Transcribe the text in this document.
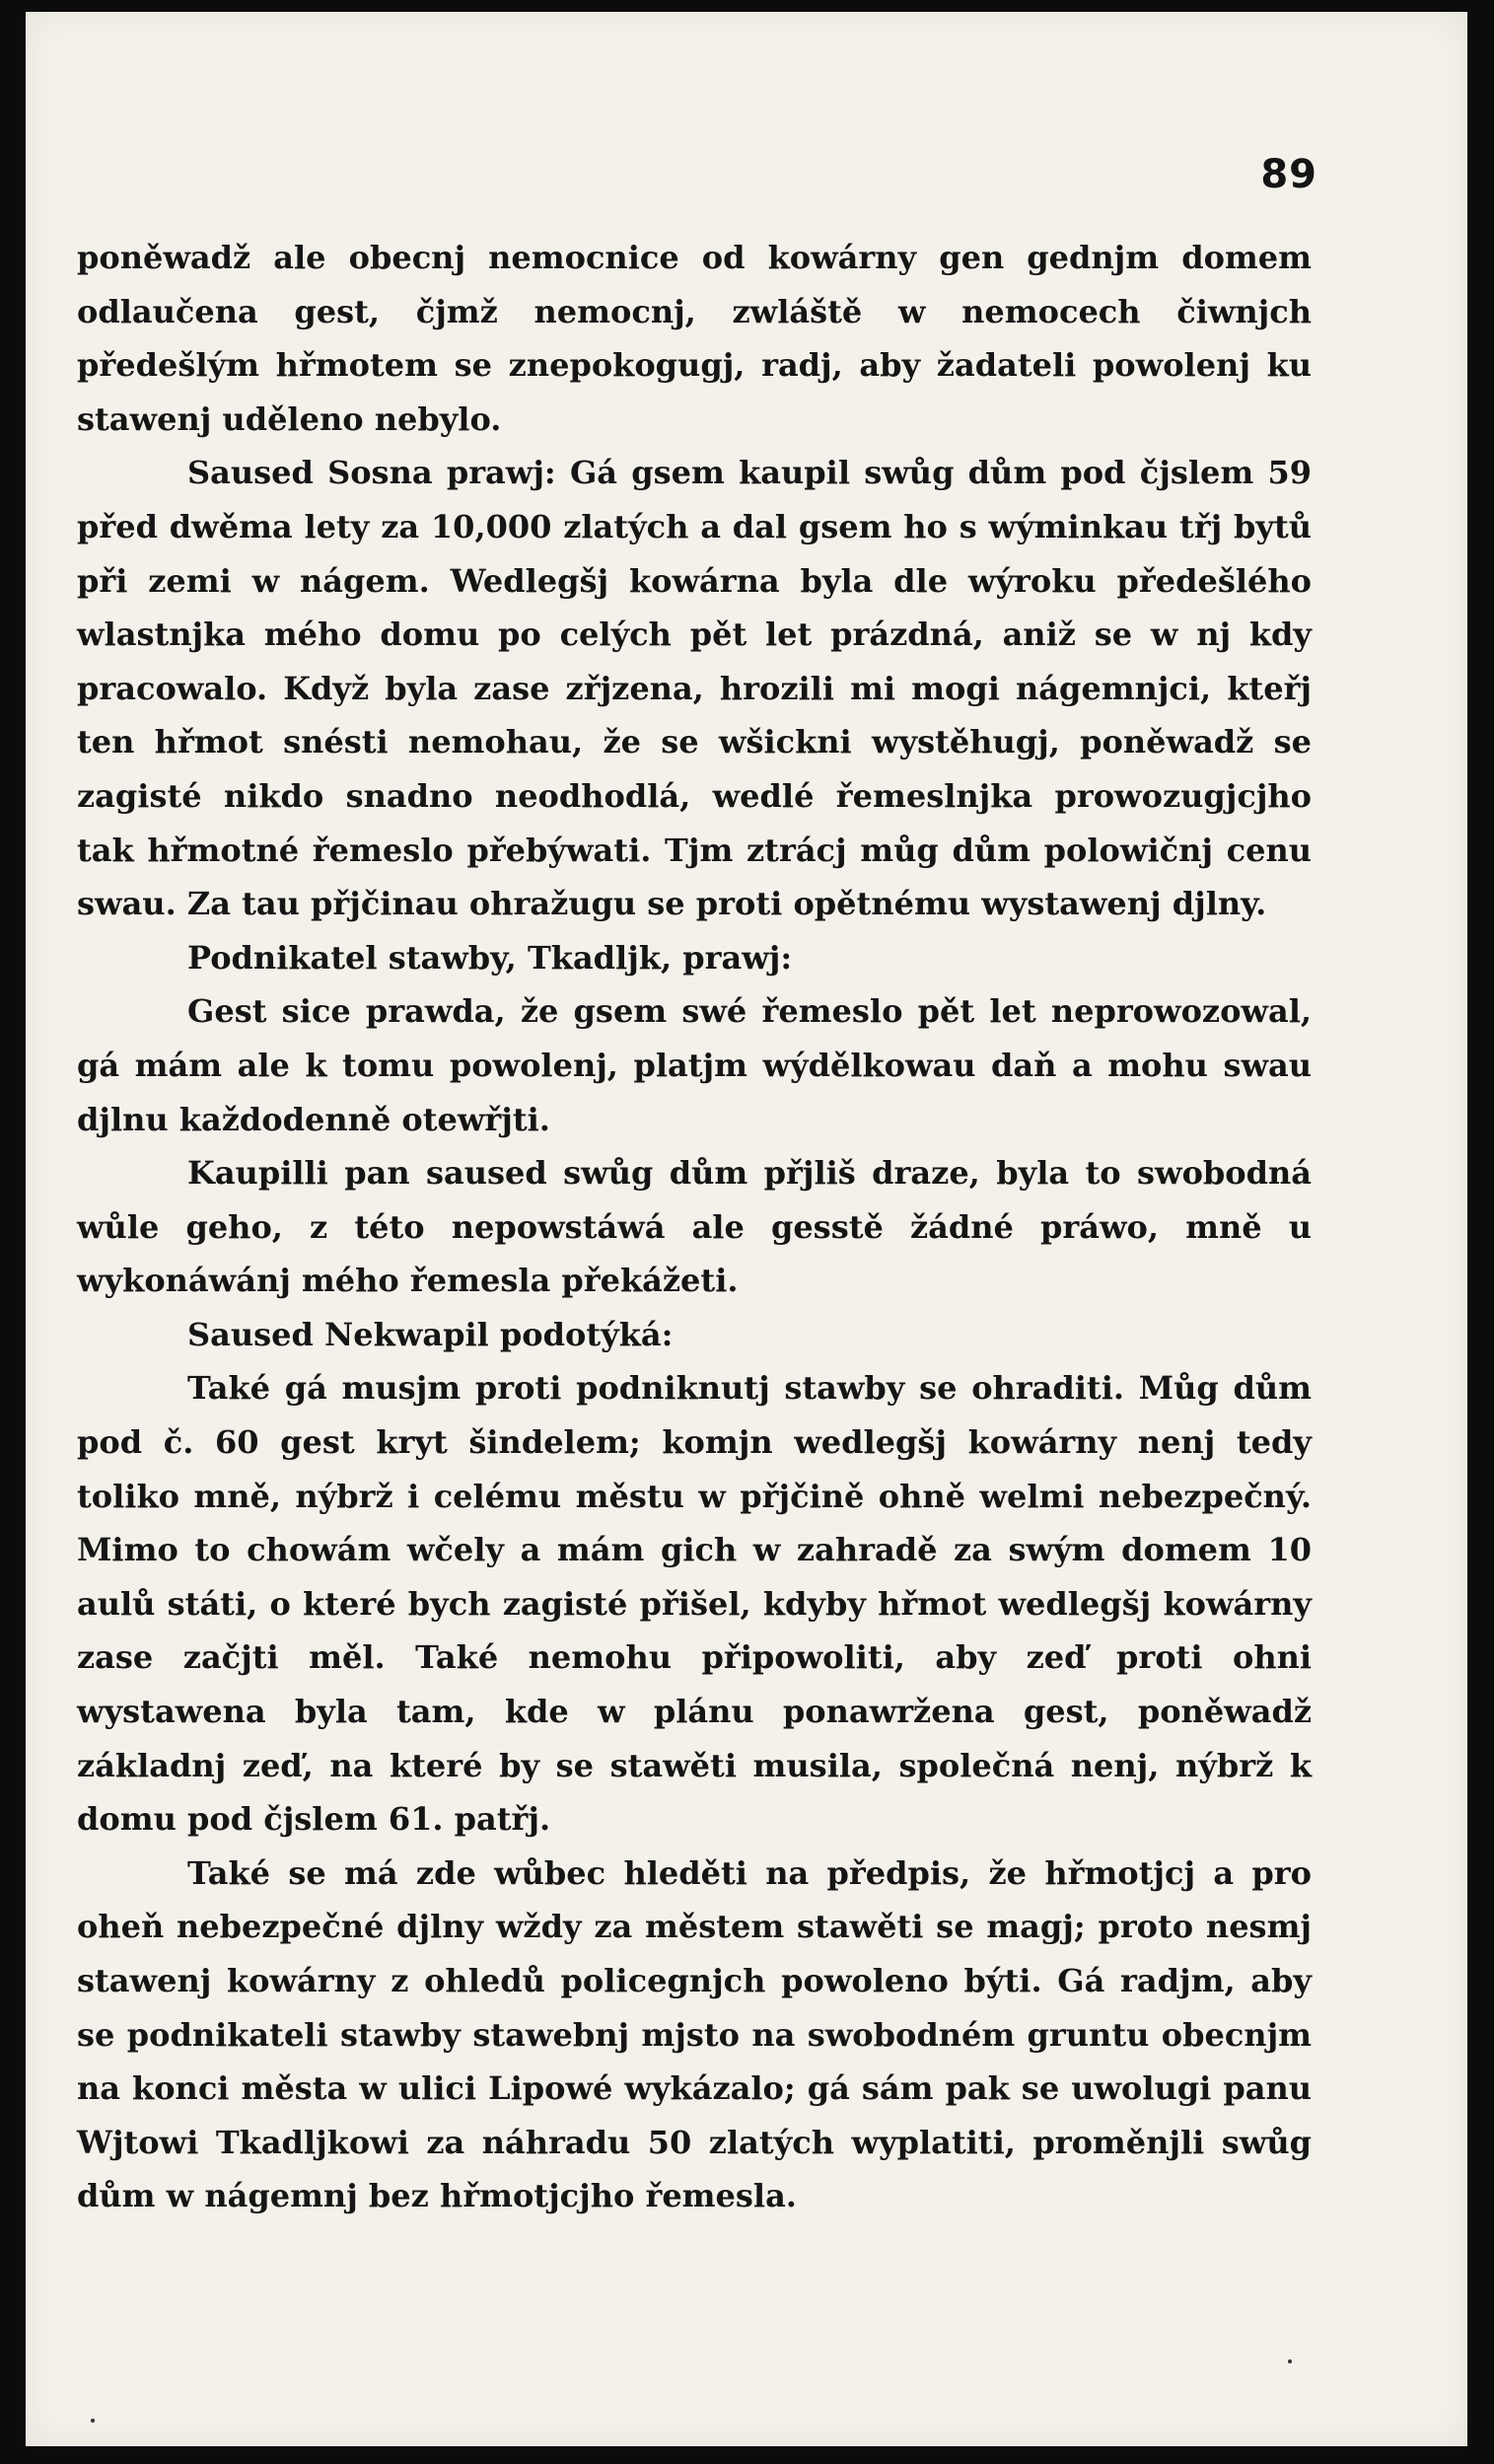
89

poněwadž ale obecnj nemocnice od kowárny gen gednjm domem odlaučena gest, čjmž nemocnj, zwláště w nemocech čiwnjch předešlým hřmotem se znepokogugj, radj, aby žadateli powolenj ku stawenj uděleno nebylo.

Saused Sosna prawj: Gá gsem kaupil swůg dům pod čjslem 59 před dwěma lety za 10,000 zlatých a dal gsem ho s wýminkau třj bytů při zemi w nágem. Wedlegšj kowárna byla dle wýroku předešlého wlastnjka mého domu po celých pět let prázdná, aniž se w nj kdy pracowalo. Když byla zase zřjzena, hrozili mi mogi nágemnjci, kteřj ten hřmot snésti nemohau, že se wšickni wystěhugj, poněwadž se zagisté nikdo snadno neodhodlá, wedlé řemeslnjka prowozugjcjho tak hřmotné řemeslo přebýwati. Tjm ztrácj můg dům polowičnj cenu swau. Za tau přjčinau ohražugu se proti opětnému wystawenj djlny.

Podnikatel stawby, Tkadljk, prawj:

Gest sice prawda, že gsem swé řemeslo pět let neprowozowal, gá mám ale k tomu powolenj, platjm wýdělkowau daň a mohu swau djlnu každodenně otewřjti.

Kaupilli pan saused swůg dům přjliš draze, byla to swobodná wůle geho, z této nepowstáwá ale gesstě žádné práwo, mně u wykonáwánj mého řemesla překážeti.

Saused Nekwapil podotýká:

Také gá musjm proti podniknutj stawby se ohraditi. Můg dům pod č. 60 gest kryt šindelem; komjn wedlegšj kowárny nenj tedy toliko mně, nýbrž i celému městu w přjčině ohně welmi nebezpečný. Mimo to chowám wčely a mám gich w zahradě za swým domem 10 aulů státi, o které bych zagisté přišel, kdyby hřmot wedlegšj kowárny zase začjti měl. Také nemohu připowoliti, aby zeď proti ohni wystawena byla tam, kde w plánu ponawržena gest, poněwadž základnj zeď, na které by se stawěti musila, společná nenj, nýbrž k domu pod čjslem 61. patřj.

Také se má zde wůbec hleděti na předpis, že hřmotjcj a pro oheň nebezpečné djlny wždy za městem stawěti se magj; proto nesmj stawenj kowárny z ohledů policegnjch powoleno býti. Gá radjm, aby se podnikateli stawby stawebnj mjsto na swobodném gruntu obecnjm na konci města w ulici Lipowé wykázalo; gá sám pak se uwolugi panu Wjtowi Tkadljkowi za náhradu 50 zlatých wyplatiti, proměnjli swůg dům w nágemnj bez hřmotjcjho řemesla.
